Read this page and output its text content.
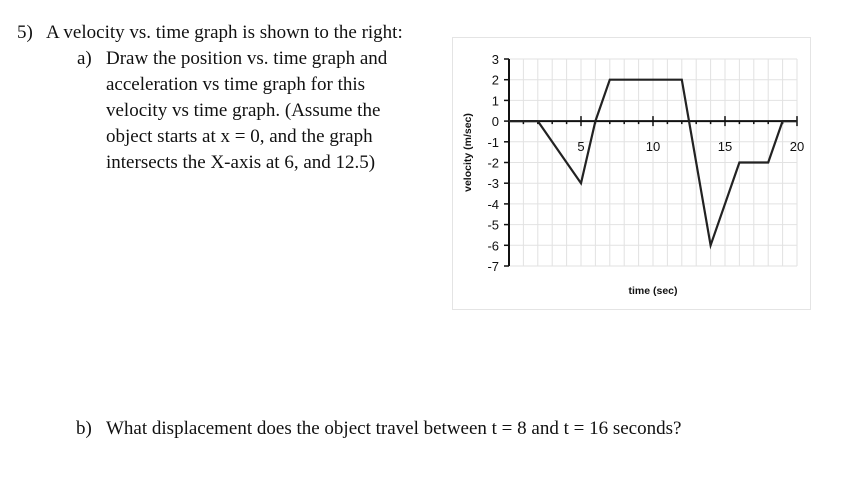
5) A velocity vs. time graph is shown to the right:
a) Draw the position vs. time graph and
acceleration vs time graph for this
velocity vs time graph. (Assume the
object starts at x = 0, and the graph
intersects the X-axis at 6, and 12.5)
b) What displacement does the object travel between t = 8 and t = 16 seconds?
3
2
1
0
-1
-2
-3
-4
-5
-6
-7
5	10	15	20
time (sec)
velocity (m/sec)
